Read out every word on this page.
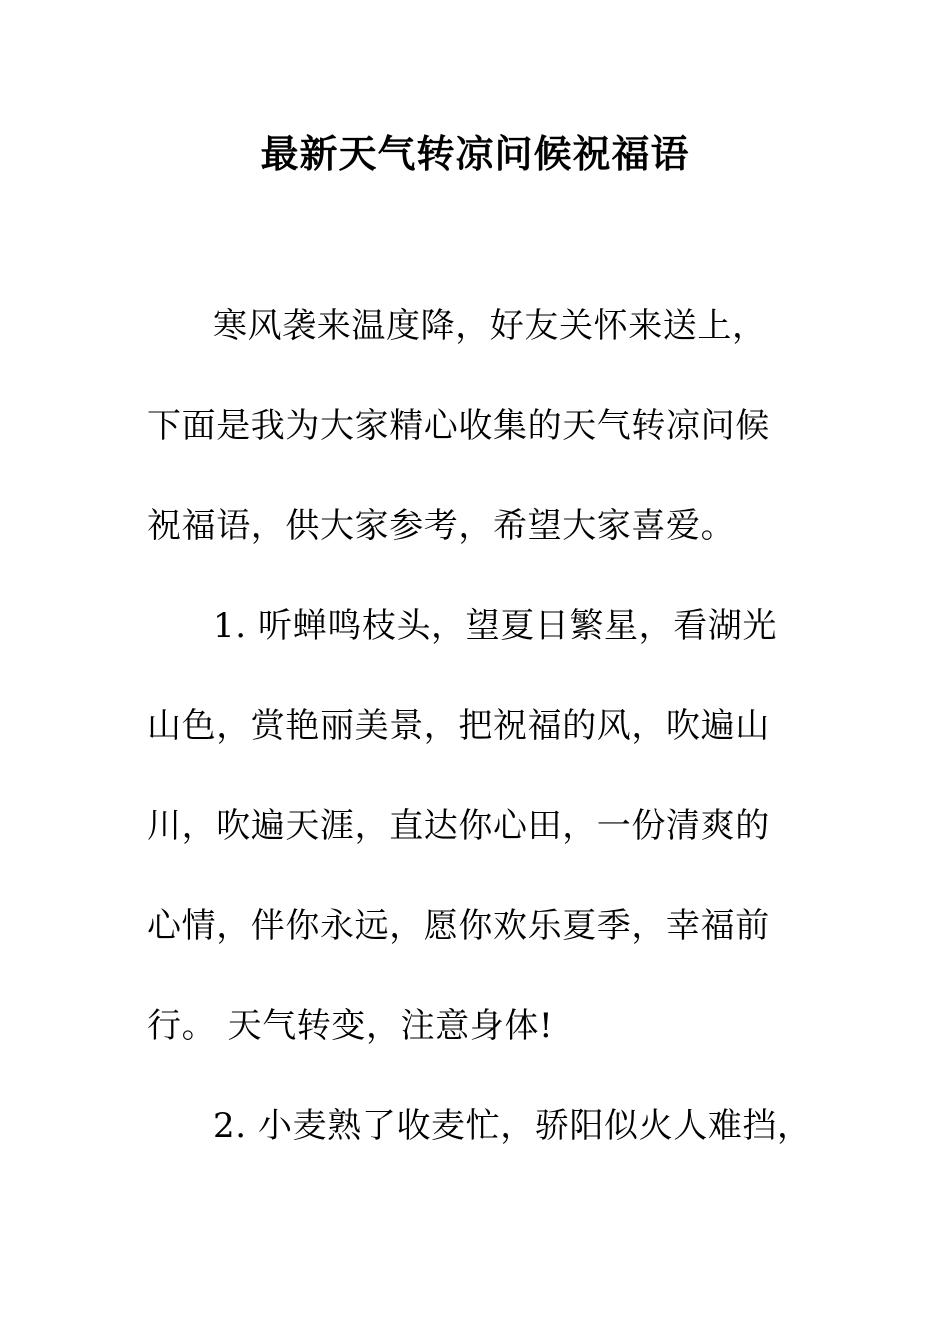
最新天气转凉问候祝福语
寒风袭来温度降，好友关怀来送上，
下面是我为大家精心收集的天气转凉问候
祝福语，供大家参考，希望大家喜爱。
1. 听蝉鸣枝头，望夏日繁星，看湖光
山色，赏艳丽美景，把祝福的风，吹遍山
川，吹遍天涯，直达你心田，一份清爽的
心情，伴你永远，愿你欢乐夏季，幸福前
行。 天气转变，注意身体!
2. 小麦熟了收麦忙，骄阳似火人难挡，
